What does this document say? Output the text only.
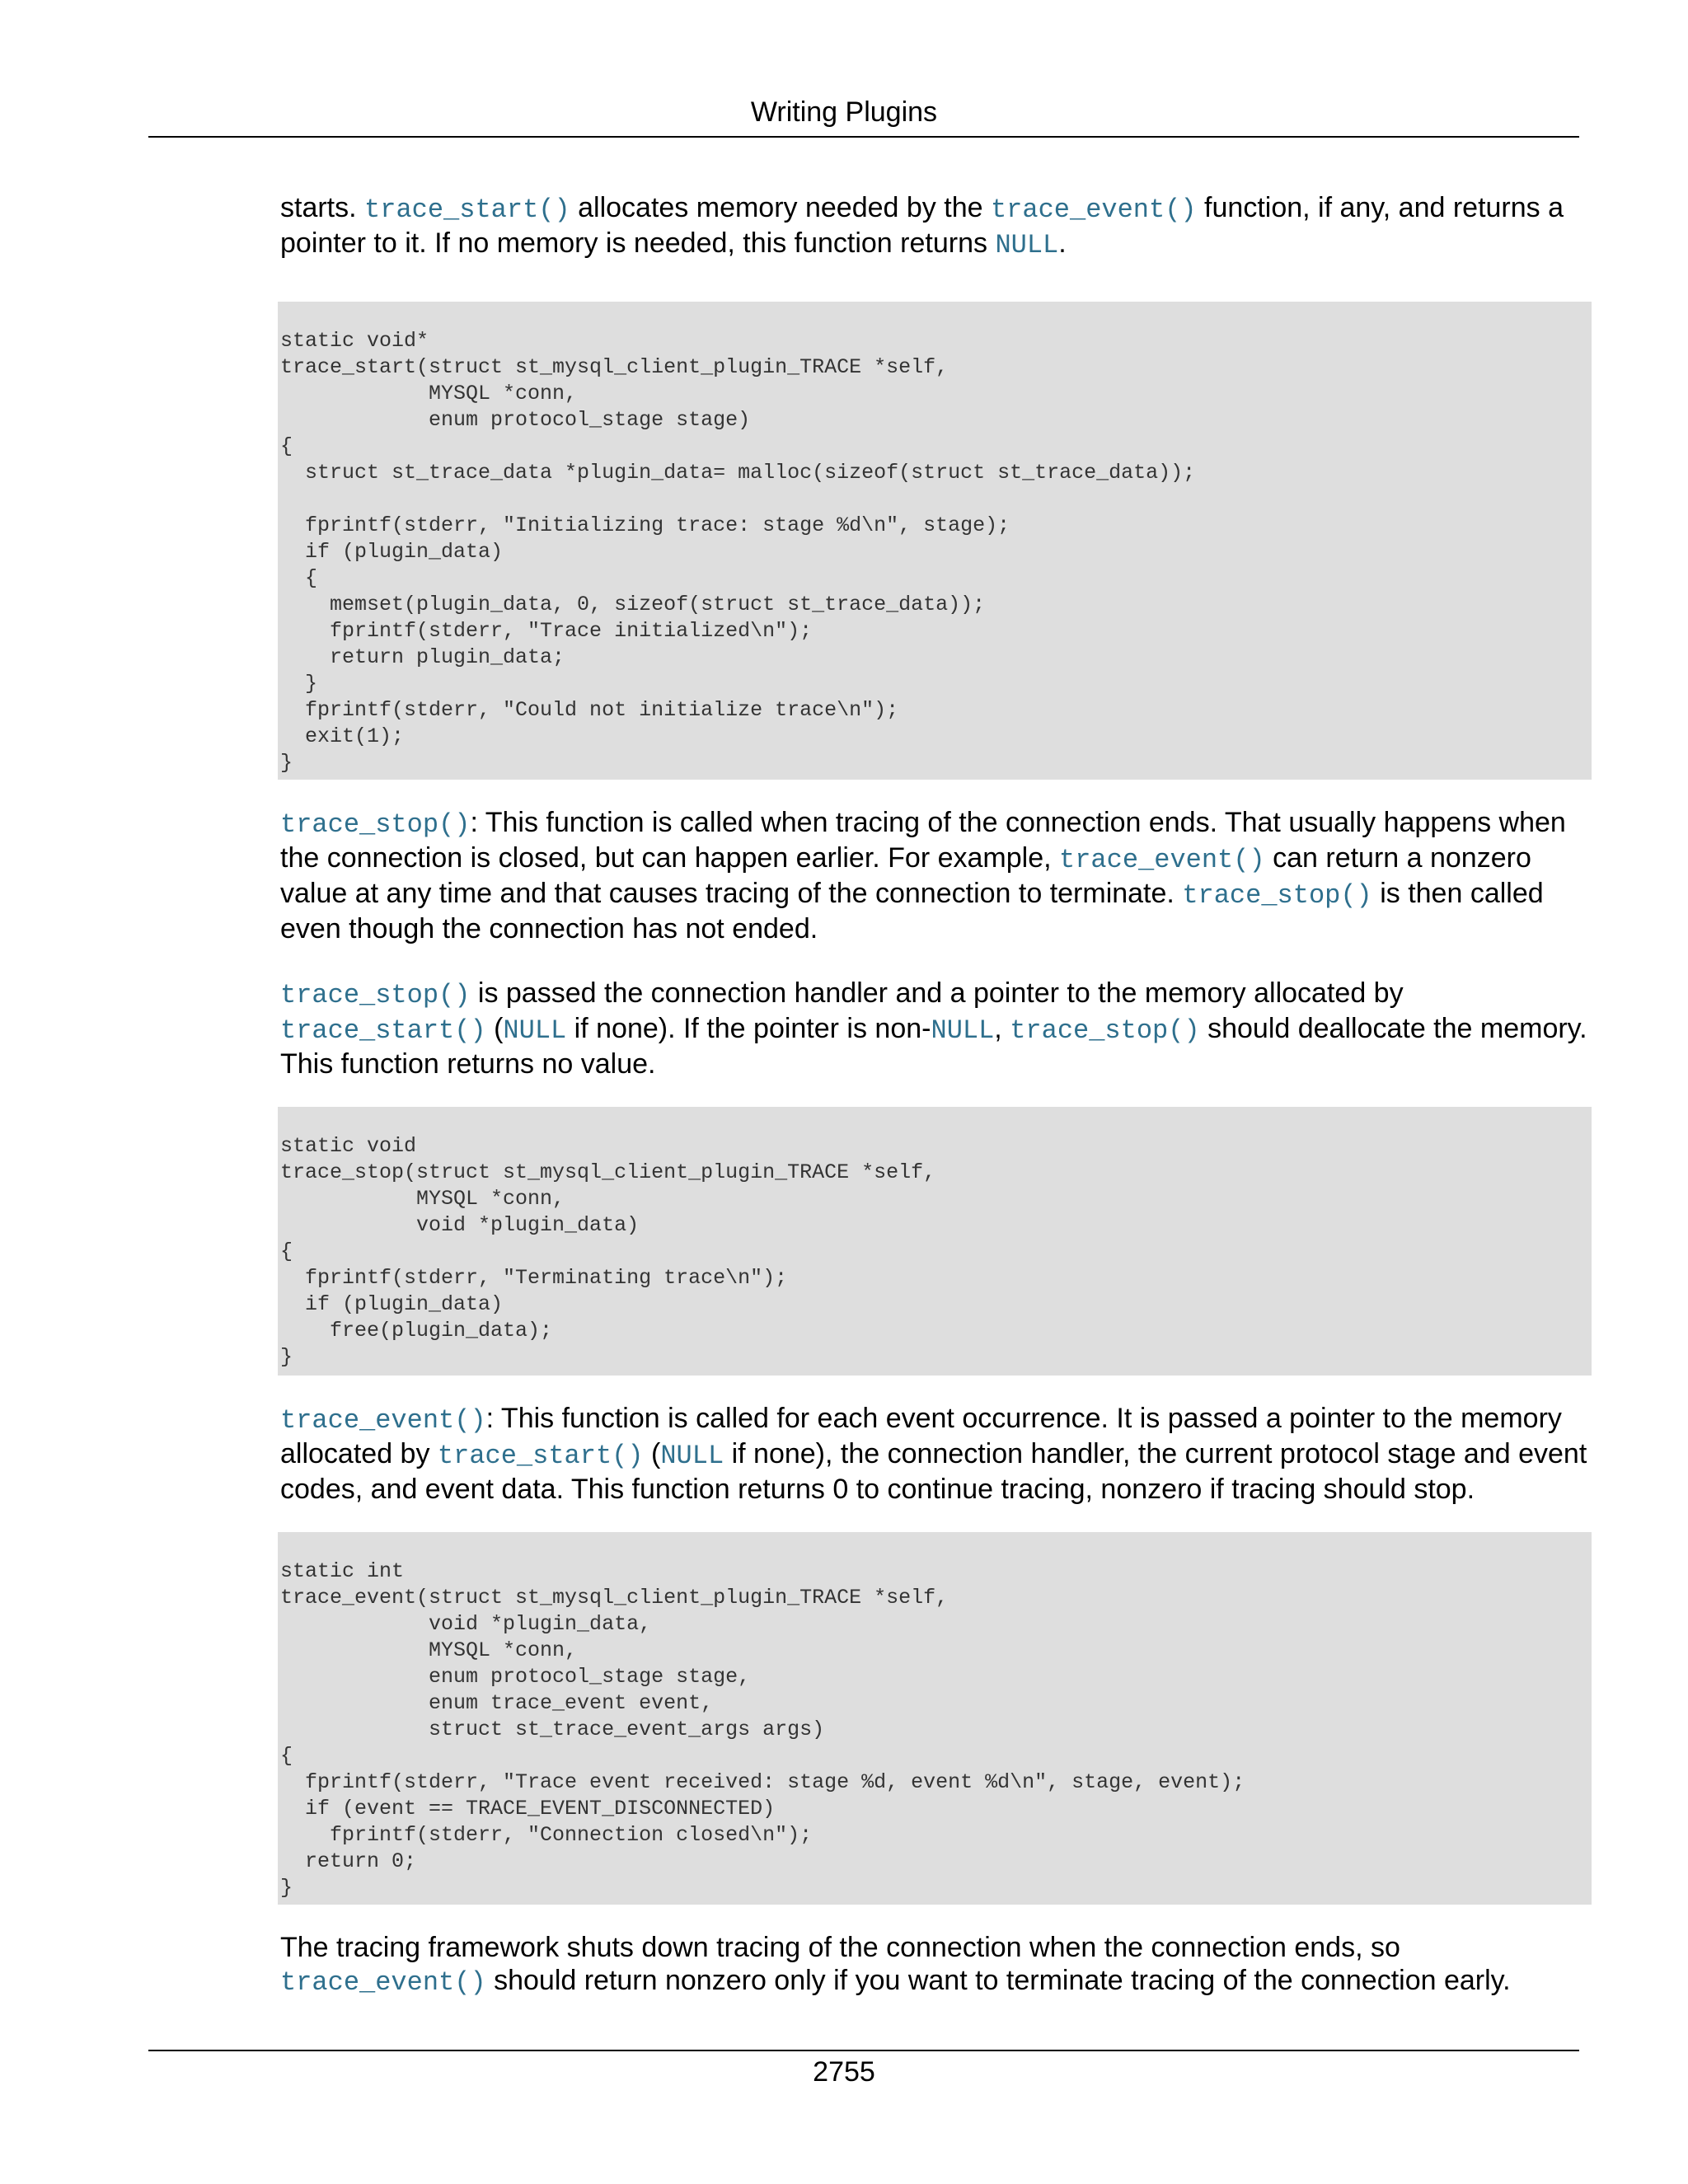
Writing Plugins

starts. trace_start() allocates memory needed by the trace_event() function, if any, and returns a pointer to it. If no memory is needed, this function returns NULL.

static void*
trace_start(struct st_mysql_client_plugin_TRACE *self,
MYSQL *conn,
enum protocol_stage stage)
{
struct st_trace_data *plugin_data= malloc(sizeof(struct st_trace_data));
fprintf(stderr, "Initializing trace: stage %d\n", stage);
if (plugin_data)
{
memset(plugin_data, 0, sizeof(struct st_trace_data));
fprintf(stderr, "Trace initialized\n");
return plugin_data;
}
fprintf(stderr, "Could not initialize trace\n");
exit(1);
}

trace_stop(): This function is called when tracing of the connection ends. That usually happens when the connection is closed, but can happen earlier. For example, trace_event() can return a nonzero value at any time and that causes tracing of the connection to terminate. trace_stop() is then called even though the connection has not ended.

trace_stop() is passed the connection handler and a pointer to the memory allocated by trace_start() (NULL if none). If the pointer is non-NULL, trace_stop() should deallocate the memory. This function returns no value.

static void
trace_stop(struct st_mysql_client_plugin_TRACE *self,
MYSQL *conn,
void *plugin_data)
{
fprintf(stderr, "Terminating trace\n");
if (plugin_data)
free(plugin_data);
}

trace_event(): This function is called for each event occurrence. It is passed a pointer to the memory allocated by trace_start() (NULL if none), the connection handler, the current protocol stage and event codes, and event data. This function returns 0 to continue tracing, nonzero if tracing should stop.

static int
trace_event(struct st_mysql_client_plugin_TRACE *self,
void *plugin_data,
MYSQL *conn,
enum protocol_stage stage,
enum trace_event event,
struct st_trace_event_args args)
{
fprintf(stderr, "Trace event received: stage %d, event %d\n", stage, event);
if (event == TRACE_EVENT_DISCONNECTED)
fprintf(stderr, "Connection closed\n");
return 0;
}

The tracing framework shuts down tracing of the connection when the connection ends, so trace_event() should return nonzero only if you want to terminate tracing of the connection early.

2755
